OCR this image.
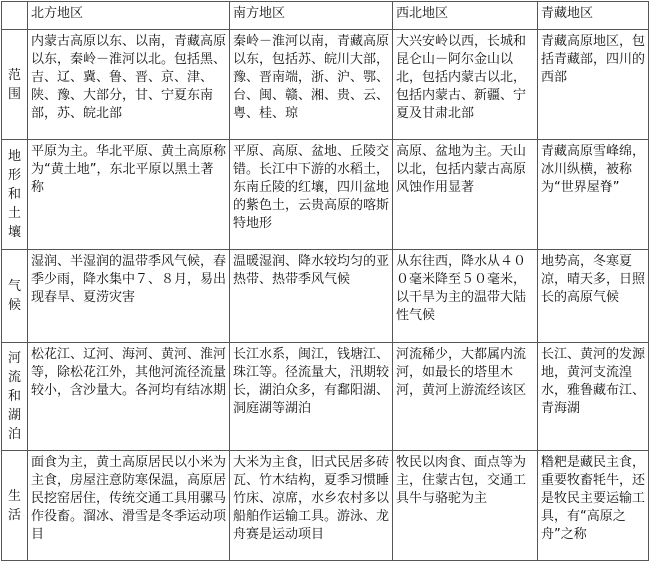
	北方地区	南方地区	西北地区	青藏地区
范围	内蒙古高原以东、以南，青藏高原以东，秦岭－淮河以北。包括黑、吉、辽、冀、鲁、晋、京、津、陕、豫、大部分，甘、宁夏东南部，苏、皖北部	秦岭－淮河以南，青藏高原以东，包括苏、皖川大部，豫、晋南端，浙、沪、鄂、台、闽、赣、湘、贵、云、粤、桂、琼	大兴安岭以西，长城和昆仑山－阿尔金山以北，包括内蒙古以北，包括内蒙古、新疆、宁夏及甘肃北部	青藏高原地区，包括青藏部，四川的西部
地形和土壤	平原为主。华北平原、黄土高原称为“黄土地”，东北平原以黑土著称	平原、高原、盆地、丘陵交错。长江中下游的水稻土，东南丘陵的红壤，四川盆地的紫色土，云贵高原的喀斯特地形	高原、盆地为主。天山以北，包括内蒙古高原风蚀作用显著	青藏高原雪峰绵，冰川纵横，被称为“世界屋脊”
气候	湿润、半湿润的温带季风气候，春季少雨，降水集中７、８月，易出现春旱、夏涝灾害	温暖湿润、降水较均匀的亚热带、热带季风气候	从东往西，降水从４００毫米降至５０毫米，以干旱为主的温带大陆性气候	地势高，冬寒夏凉，晴天多，日照长的高原气候
河流和湖泊	松花江、辽河、海河、黄河、淮河等，除松花江外，其他河流径流量较小，含沙量大。各河均有结冰期	长江水系，闽江，钱塘江、珠江等。径流量大，汛期较长，湖泊众多，有鄱阳湖、洞庭湖等湖泊	河流稀少，大都属内流河，如最长的塔里木河，黄河上游流经该区	长江、黄河的发源地，黄河支流湟水，雅鲁藏布江、青海湖
生活	面食为主，黄土高原居民以小米为主食，房屋注意防寒保温，高原居民挖窑居住，传统交通工具用骡马作役畜。溜冰、滑雪是冬季运动项目	大米为主食，旧式民居多砖瓦、竹木结构，夏季习惯睡竹床、凉席，水乡农村多以船舶作运输工具。游泳、龙舟赛是运动项目	牧民以肉食、面点等为主，住蒙古包，交通工具牛与骆驼为主	糌粑是藏民主食，重要牧畜牦牛，还是牧民主要运输工具，有“高原之舟”之称
